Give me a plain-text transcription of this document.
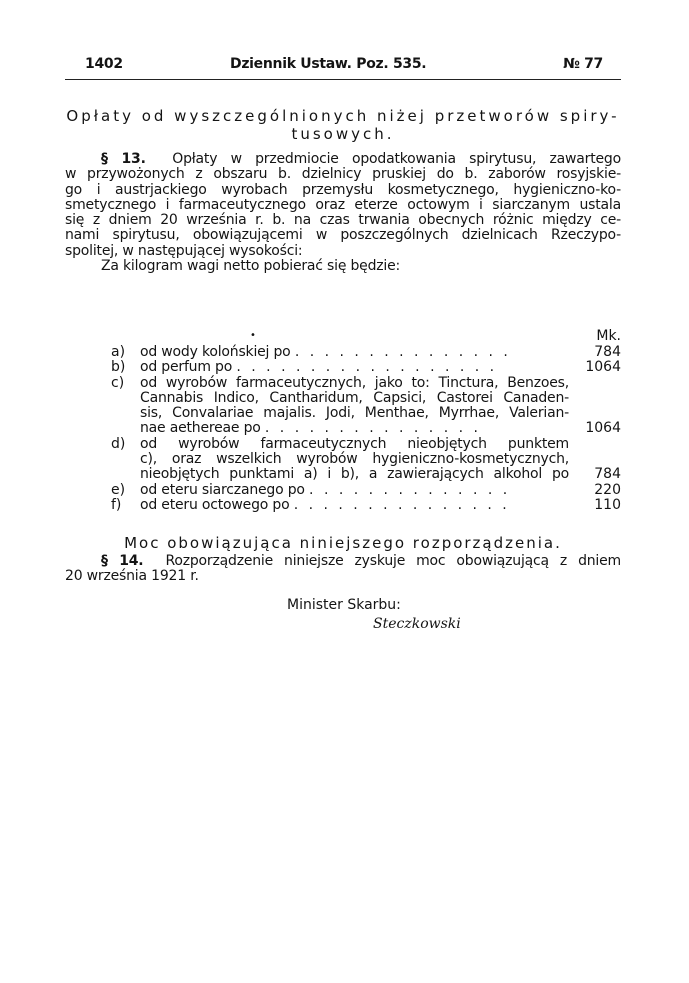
1402	Dziennik Ustaw. Poz. 535.	№ 77
Opłaty od wyszczególnionych niżej przetworów spiry-
tusowych.
§ 13. Opłaty w przedmiocie opodatkowania spirytusu, zawartego
w przywożonych z obszaru b. dzielnicy pruskiej do b. zaborów rosyjskie-
go i austrjackiego wyrobach przemysłu kosmetycznego, hygieniczno-ko-
smetycznego i farmaceutycznego oraz eterze octowym i siarczanym ustala
się z dniem 20 września r. b. na czas trwania obecnych różnic między ce-
nami spirytusu, obowiązującemi w poszczególnych dzielnicach Rzeczypo-
spolitej, w następującej wysokości:
Za kilogram wagi netto pobierać się będzie:
•	Mk.
a) od wody kolońskiej po . . . . . . . . . . . . . . .	784
b) od perfum po . . . . . . . . . . . . . . . . . .	1064
c) od wyrobów farmaceutycznych, jako to: Tinctura, Benzoes,
Cannabis Indico, Cantharidum, Capsici, Castorei Canaden-
sis, Convalariae majalis. Jodi, Menthae, Myrrhae, Valerian-
nae aethereae po . . . . . . . . . . . . . . .	1064
d) od wyrobów farmaceutycznych nieobjętych punktem
c), oraz wszelkich wyrobów hygieniczno-kosmetycznych,
nieobjętych punktami a) i b), a zawierających alkohol po 784
e) od eteru siarczanego po . . . . . . . . . . . . . .	220
f) od eteru octowego po . . . . . . . . . . . . . . .	110
Moc obowiązująca niniejszego rozporządzenia.
§ 14. Rozporządzenie niniejsze zyskuje moc obowiązującą z dniem
20 września 1921 r.
Minister Skarbu:
Steczkowski
